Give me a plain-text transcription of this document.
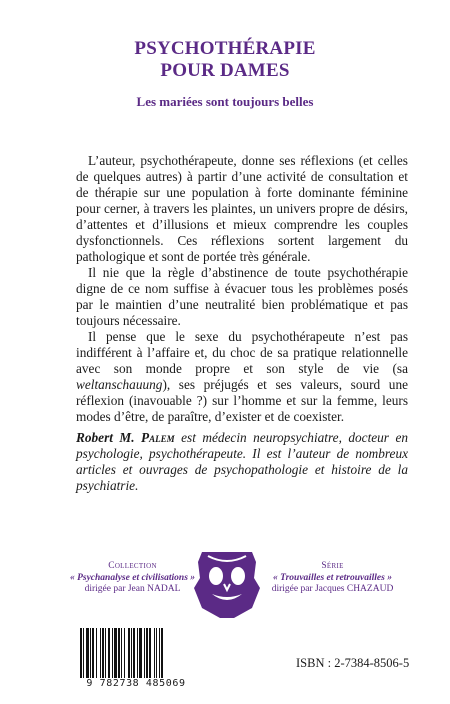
PSYCHOTHÉRAPIE
POUR DAMES
Les mariées sont toujours belles

L’auteur, psychothérapeute, donne ses réflexions (et celles de quelques autres) à partir d’une activité de consultation et de thérapie sur une population à forte dominante féminine pour cerner, à travers les plaintes, un univers propre de désirs, d’attentes et d’illusions et mieux comprendre les couples dysfonctionnels. Ces réflexions sortent largement du pathologique et sont de portée très générale.

Il nie que la règle d’abstinence de toute psychothérapie digne de ce nom suffise à évacuer tous les problèmes posés par le maintien d’une neutralité bien problématique et pas toujours nécessaire.

Il pense que le sexe du psychothérapeute n’est pas indifférent à l’affaire et, du choc de sa pratique relationnelle avec son monde propre et son style de vie (sa weltanschauung), ses préjugés et ses valeurs, sourd une réflexion (inavouable ?) sur l’homme et sur la femme, leurs modes d’être, de paraître, d’exister et de coexister.

Robert M. Palem est médecin neuropsychiatre, docteur en psychologie, psychothérapeute. Il est l’auteur de nombreux articles et ouvrages de psychopathologie et histoire de la psychiatrie.
Collection
« Psychanalyse et civilisations »
dirigée par Jean NADAL
Série
« Trouvailles et retrouvailles »
dirigée par Jacques CHAZAUD
9 782738 485069
ISBN : 2-7384-8506-5
